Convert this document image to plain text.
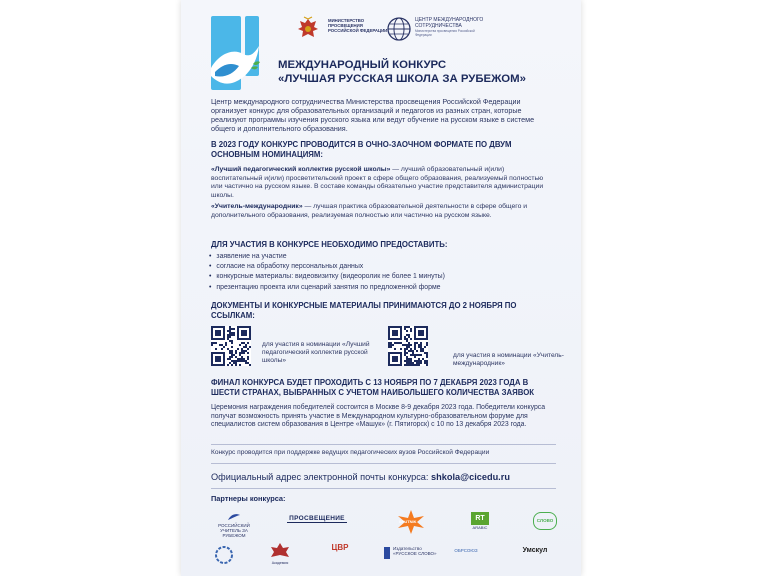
МИНИСТЕРСТВО ПРОСВЕЩЕНИЯ РОССИЙСКОЙ ФЕДЕРАЦИИ
ЦЕНТР МЕЖДУНАРОДНОГО СОТРУДНИЧЕСТВА
Министерства просвещения Российской Федерации
МЕЖДУНАРОДНЫЙ КОНКУРС
«ЛУЧШАЯ РУССКАЯ ШКОЛА ЗА РУБЕЖОМ»
Центр международного сотрудничества Министерства просвещения Российской Федерации организует конкурс для образовательных организаций и педагогов из разных стран, которые реализуют программы изучения русского языка или ведут обучение на русском языке в системе общего и дополнительного образования.
В 2023 ГОДУ КОНКУРС ПРОВОДИТСЯ В ОЧНО-ЗАОЧНОМ ФОРМАТЕ ПО ДВУМ ОСНОВНЫМ НОМИНАЦИЯМ:
«Лучший педагогический коллектив русской школы» — лучший образовательный и(или) воспитательный и(или) просветительский проект в сфере общего образования, реализуемый полностью или частично на русском языке. В составе команды обязательно участие представителя администрации школы.
«Учитель-международник» — лучшая практика образовательной деятельности в сфере общего и дополнительного образования, реализуемая полностью или частично на русском языке.
ДЛЯ УЧАСТИЯ В КОНКУРСЕ НЕОБХОДИМО ПРЕДОСТАВИТЬ:
• заявление на участие
• согласие на обработку персональных данных
• конкурсные материалы: видеовизитку (видеоролик не более 1 минуты)
• презентацию проекта или сценарий занятия по предложенной форме
ДОКУМЕНТЫ И КОНКУРСНЫЕ МАТЕРИАЛЫ ПРИНИМАЮТСЯ ДО 2 НОЯБРЯ ПО ССЫЛКАМ:
для участия в номинации «Лучший педагогический коллектив русской школы»
для участия в номинации «Учитель-международник»
ФИНАЛ КОНКУРСА БУДЕТ ПРОХОДИТЬ С 13 НОЯБРЯ ПО 7 ДЕКАБРЯ 2023 ГОДА В ШЕСТИ СТРАНАХ, ВЫБРАННЫХ С УЧЕТОМ НАИБОЛЬШЕГО КОЛИЧЕСТВА ЗАЯВОК
Церемония награждения победителей состоится в Москве 8-9 декабря 2023 года. Победители конкурса получат возможность принять участие в Международном культурно-образовательном форуме для специалистов систем образования в Центре «Машук» (г. Пятигорск) с 10 по 13 декабря 2023 года.
Конкурс проводится при поддержке ведущих педагогических вузов Российской Федерации
Официальный адрес электронной почты конкурса: shkola@cicedu.ru
Партнеры конкурса:
РОССИЙСКИЙ УЧИТЕЛЬ ЗА РУБЕЖОМ
ПРОСВЕЩЕНИЕ	SPUTNIK	RT
ARABIC
СЛОВО
Академия
ЦВР	Издательство «РУССКОЕ СЛОВО»
ОБРСОЮЗ	Умскул
